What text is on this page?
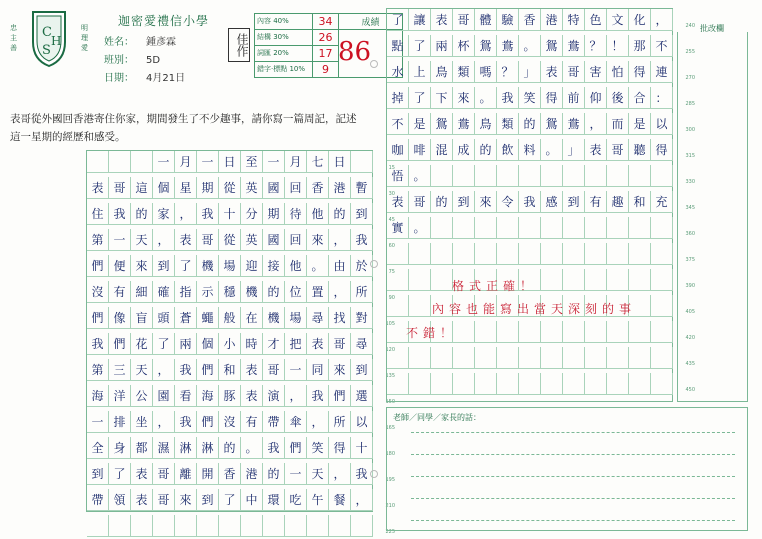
C
S
H
忠
主
善
明
理
愛
迦密愛禮信小學
姓名： 鍾彥霖
班別： 5D
日期： 4月21日
佳作
內容 40%	34	成績
結構 30%	26	
詞匯 20%	17	
錯字·標點 10%	9	
86
表哥從外國回香港寄住你家，期間發生了不少趣事，請你寫一篇周記，記述這一星期的經歷和感受。
一 月 一 日 至 一 月 七 日	15
表 哥 這 個 星 期 從 英 國 回 香 港 暫	30
住 我 的 家 ， 我 十 分 期 待 他 的 到	45
第 一 天 ， 表 哥 從 英 國 回 來 ， 我	60
們 便 來 到 了 機 場 迎 接 他 。 由 於	75
沒 有 細 確 指 示 穩 機 的 位 置 ， 所	90
們 像 盲 頭 蒼 蠅 般 在 機 場 尋 找 對	105
我 們 花 了 兩 個 小 時 才 把 表 哥 尋	120
第 三 天 ， 我 們 和 表 哥 一 同 來 到	135
海 洋 公 園 看 海 豚 表 演 ， 我 們 選	150
一 排 坐 ， 我 們 沒 有 帶 傘 ， 所 以	165
全 身 都 濕 淋 淋 的 。 我 們 笑 得 十	180
到 了 表 哥 離 開 香 港 的 一 天 ， 我	195
帶 領 表 哥 來 到 了 中 環 吃 午 餐 ，	210
225
了 讓 表 哥 體 驗 香 港 特 色 文 化 ，	240
點 了 兩 杯 鴛 鴦 。 鴛 鴦 ？ ！ 那 不	255
水 上 鳥 類 嗎 ？ 」 表 哥 害 怕 得 連	270
掉 了 下 來 。 我 笑 得 前 仰 後 合 ：	285
不 是 鴛 鴦 鳥 類 的 鴛 鴦 ， 而 是 以	300
咖 啡 混 成 的 飲 料 。 」 表 哥 聽 得	315
悟 。	330
表 哥 的 到 來 令 我 感 到 有 趣 和 充	345
實 。	360
375
390
405
420
435
450
批改欄
格式正確！
內容也能寫出當天深刻的事
不錯！
老師／同學／家長的話：
